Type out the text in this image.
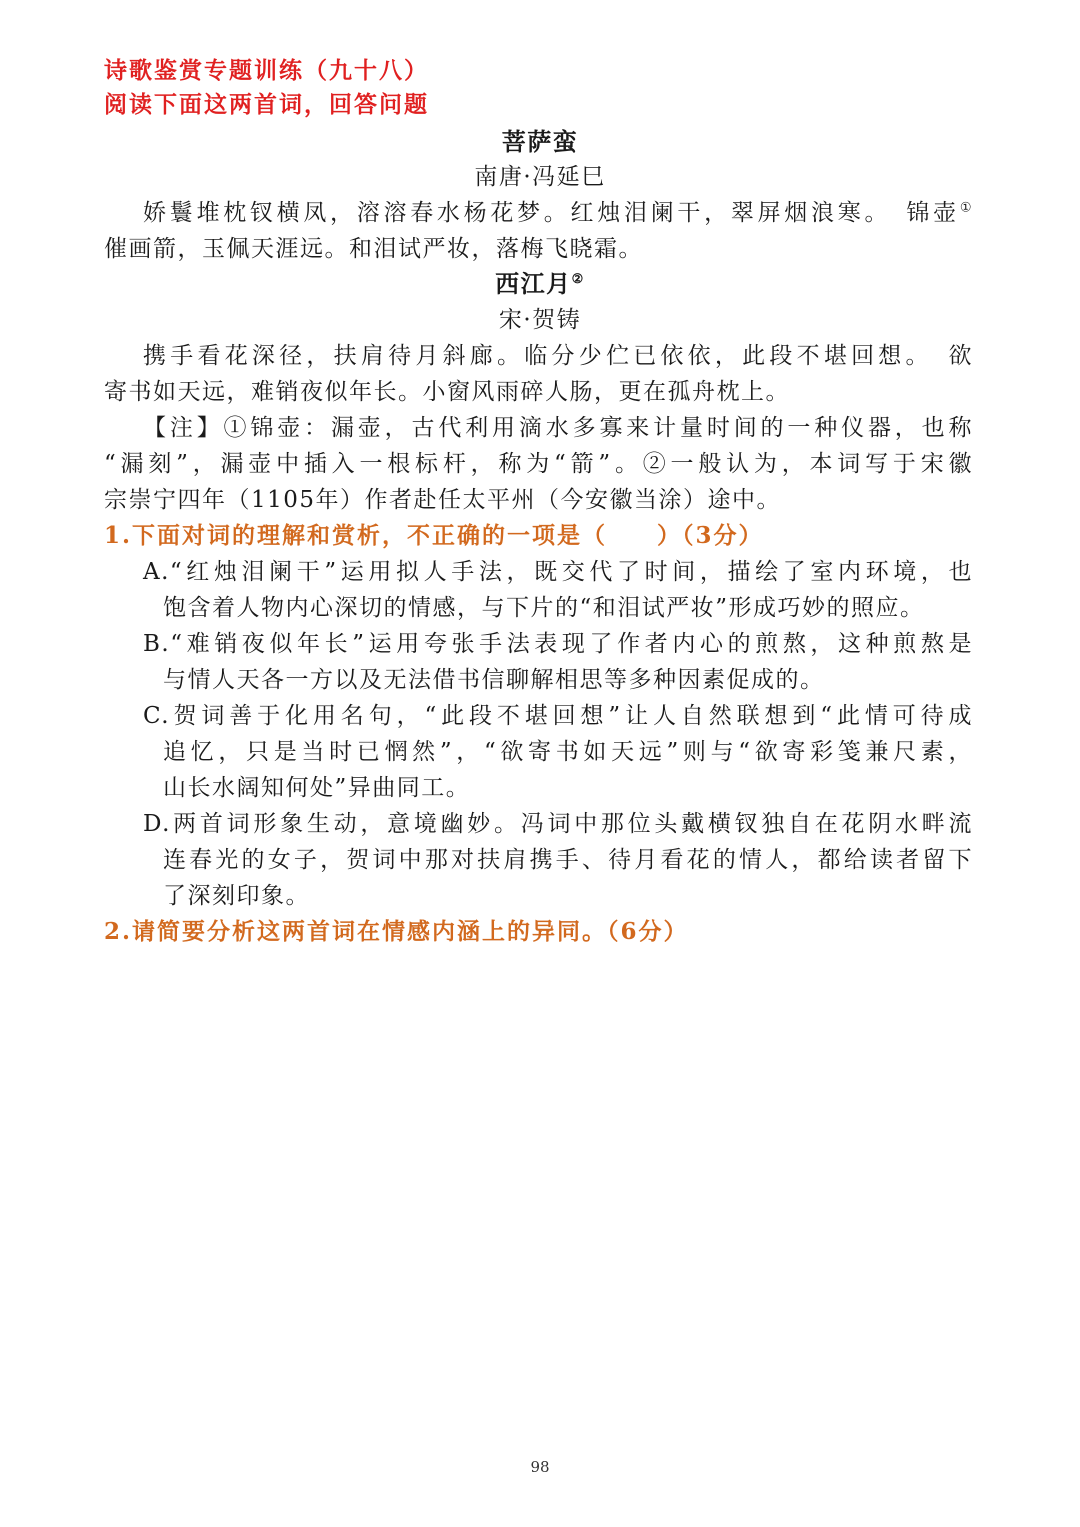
诗歌鉴赏专题训练（九十八）
阅读下面这两首词，回答问题
菩萨蛮
南唐·冯延巳
娇鬟堆枕钗横凤，溶溶春水杨花梦。红烛泪阑干，翠屏烟浪寒。　锦壶①
催画箭，玉佩天涯远。和泪试严妆，落梅飞晓霜。
西江月②
宋·贺铸
携手看花深径，扶肩待月斜廊。临分少伫已依依，此段不堪回想。　欲
寄书如天远，难销夜似年长。小窗风雨碎人肠，更在孤舟枕上。
【注】①锦壶：漏壶，古代利用滴水多寡来计量时间的一种仪器，也称
“漏刻”，漏壶中插入一根标杆，称为“箭”。②一般认为，本词写于宋徽
宗崇宁四年（1105年）作者赴任太平州（今安徽当涂）途中。
1.下面对词的理解和赏析，不正确的一项是（　　）（3分）
A.“红烛泪阑干”运用拟人手法，既交代了时间，描绘了室内环境，也
饱含着人物内心深切的情感，与下片的“和泪试严妆”形成巧妙的照应。
B.“难销夜似年长”运用夸张手法表现了作者内心的煎熬，这种煎熬是
与情人天各一方以及无法借书信聊解相思等多种因素促成的。
C.贺词善于化用名句，“此段不堪回想”让人自然联想到“此情可待成
追忆，只是当时已惘然”，“欲寄书如天远”则与“欲寄彩笺兼尺素，
山长水阔知何处”异曲同工。
D.两首词形象生动，意境幽妙。冯词中那位头戴横钗独自在花阴水畔流
连春光的女子，贺词中那对扶肩携手、待月看花的情人，都给读者留下
了深刻印象。
2.请简要分析这两首词在情感内涵上的异同。（6分）
98
